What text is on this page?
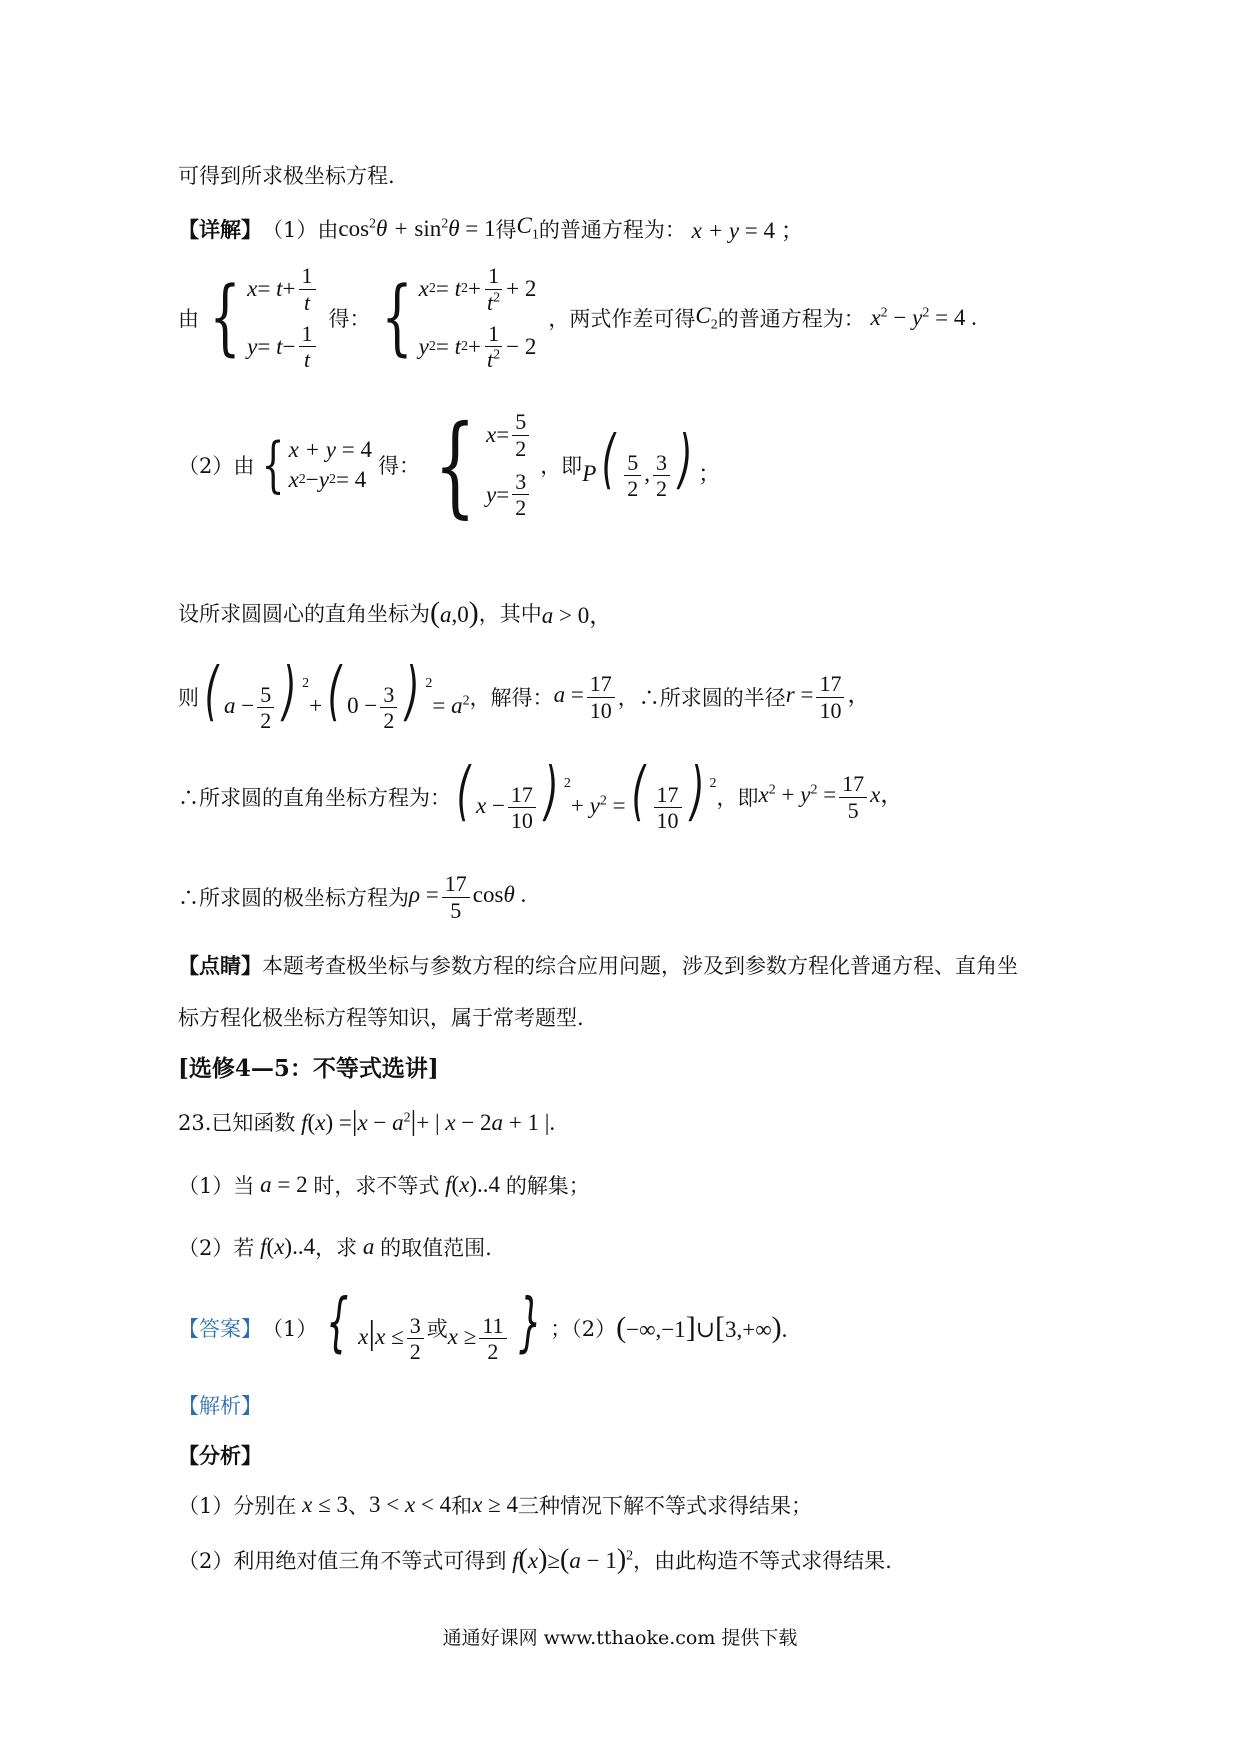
可得到所求极坐标方程.
【详解】 （1）由 $\cos^2\theta + \sin^2\theta = 1$ 得 $C_1$ 的普通方程为： x + y = 4 ；
由 { $x = t + \frac{1}{t}$
$y = t - \frac{1}{t}$
得： { x 2 = t $2 + \frac{1}{t^2} + 2$
y 2 = t $2 + \frac{1}{t^2} - 2$
，两式作差可得 $C_2$ 的普通方程为： $x^2 - y^2 = 4$ .
（2）由 { x + y = 4
x 2 − y 2 = 4
得： { $x = \frac{5}{2}$
$y = \frac{3}{2}$
，即 $P( \frac{5}{2}$ , $\frac{3}{2}$ ) ；
设所求圆圆心的直角坐标为 (a,0) ，其中 a > 0，
则 ( $a - \frac{5}{2}$ ) $^2$+( $0 - \frac{3}{2}$ ) $^2= a^2$ ，解得： $a = \frac{17}{10}$ ，∴所求圆的半径 $r = \frac{17}{10}$ ，
∴所求圆的直角坐标方程为： ( $x - \frac{17}{10}$ ) $^2+ y^2$ =( $\frac{17}{10}$ ) $^2$
，即 $x^2 + y^2 = \frac{17}{5}$ x，
∴所求圆的极坐标方程为 $\rho = \frac{17}{5}$ cosθ .
【点睛】 本题考查极坐标与参数方程的综合应用问题，涉及到参数方程化普通方程、直角坐
标方程化极坐标方程等知识，属于常考题型.
[选修4—5：不等式选讲]
23.已知函数 $f(x) =|x - a^2|+$ | x − 2a + 1 |.
（1）当 a = 2 时，求不等式 f(x)..4 的解集；
（2）若 f(x)..4 ，求 a 的取值范围.
【答案】 （1） { $x|x \le \frac{3}{2}$ 或 $x \ge \frac{11}{2}$ } ；（2） (−∞,−1]∪[3,+∞).
【解析】
【分析】
（1）分别在 x ≤ 3 、 3 < x < 4 和 x ≥ 4 三种情况下解不等式求得结果；
（2）利用绝对值三角不等式可得到 $f(x)\ge(a - 1)^2$ ，由此构造不等式求得结果.
通通好课网 www.tthaoke.com 提供下载
